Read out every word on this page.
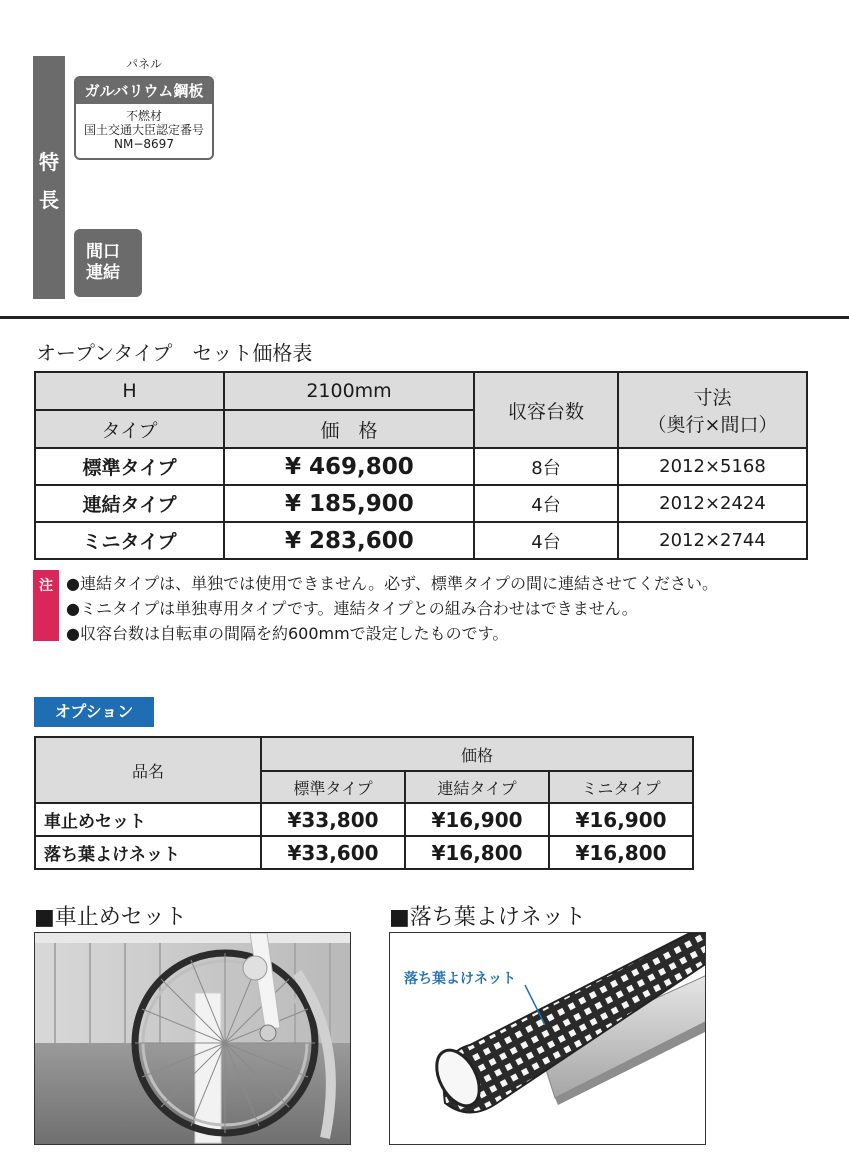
特
長
パネル
ガルバリウム鋼板
不燃材
国土交通大臣認定番号
NM−8697
間口
連結
オープンタイプ　セット価格表
H	2100mm	収容台数	寸法
（奥行×間口）

タイプ	価　格		
標準タイプ	¥ 469,800	8台	2012×5168
連結タイプ	¥ 185,900	4台	2012×2424
ミニタイプ	¥ 283,600	4台	2012×2744
注 ●連結タイプは、単独では使用できません。必ず、標準タイプの間に連結させてください。
●ミニタイプは単独専用タイプです。連結タイプとの組み合わせはできません。
●収容台数は自転車の間隔を約600mmで設定したものです。
オプション
品名	価格		
	標準タイプ	連結タイプ	ミニタイプ
車止めセット	¥33,800	¥16,900	¥16,900
落ち葉よけネット	¥33,600	¥16,800	¥16,800
■車止めセット	■落ち葉よけネット
落ち葉よけネット
